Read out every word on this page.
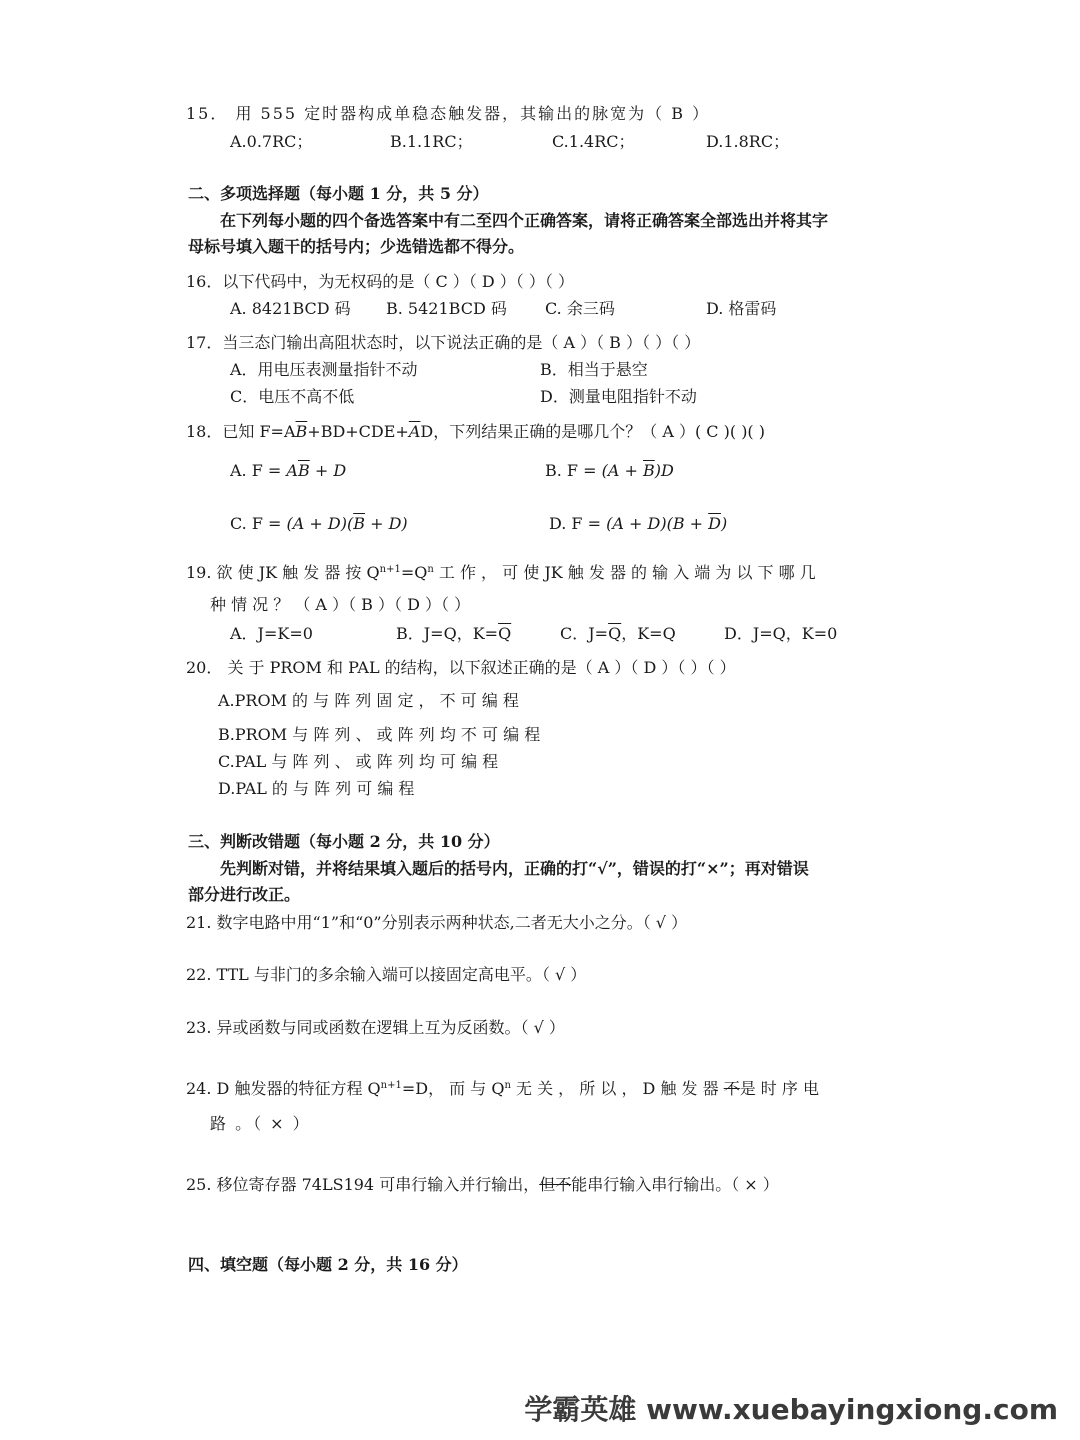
15． 用 555 定时器构成单稳态触发器，其输出的脉宽为（ B ）
A.0.7RC；	B.1.1RC；	C.1.4RC；	D.1.8RC；
二、多项选择题（每小题 1 分，共 5 分）
在下列每小题的四个备选答案中有二至四个正确答案，请将正确答案全部选出并将其字
母标号填入题干的括号内；少选错选都不得分。
16．以下代码中，为无权码的是（ C ）（ D ）（ ）（ ）
A. 8421BCD 码 B. 5421BCD 码 C. 余三码	D. 格雷码
17．当三态门输出高阻状态时，以下说法正确的是（ A ）（ B ）（ ）（ ）
A．用电压表测量指针不动	B．相当于悬空
C．电压不高不低	D．测量电阻指针不动
18．已知 $F=A\overline{B}+BD+CDE+\overline{A}D$，下列结果正确的是哪几个？（ A ）( C )( )( )
A. $F = A\overline{B} + D$	B. $F = (A + \overline{B})D$
C. $F = (A + D)(\overline{B} + D)$	D. $F = (A + D)(B + \overline{D})$
19. 欲 使 JK 触 发 器 按 $Q^{n+1}=Q^n$ 工 作 ， 可 使 JK 触 发 器 的 输 入 端 为 以 下 哪 几
种 情 况 ？ （ A ）（ B ）（ D ）（ ）
A．J=K=0	B．J=Q，$K=\overline{Q}$	C．$J=\overline{Q}$，K=Q	D．J=Q，K=0
20． 关 于 PROM 和 PAL 的结构，以下叙述正确的是（ A ）（ D ）（ ）（ ）
A.PROM 的 与 阵 列 固 定 ， 不 可 编 程
B.PROM 与 阵 列 、 或 阵 列 均 不 可 编 程
C.PAL 与 阵 列 、 或 阵 列 均 可 编 程
D.PAL 的 与 阵 列 可 编 程
三、判断改错题（每小题 2 分，共 10 分）
先判断对错，并将结果填入题后的括号内，正确的打“√”，错误的打“×”；再对错误
部分进行改正。
21. 数字电路中用“1”和“0”分别表示两种状态,二者无大小之分。（ √ ）
22. TTL 与非门的多余输入端可以接固定高电平。（ √ ）
23. 异或函数与同或函数在逻辑上互为反函数。（ √ ）
24. D 触发器的特征方程 $Q^{n+1}=D$， 而 与 $Q^n$ 无 关 ， 所 以 ， D 触 发 器 不是 时 序 电
路 。（ × ）
25. 移位寄存器 74LS194 可串行输入并行输出，但不能串行输入串行输出。（ × ）
四、填空题（每小题 2 分，共 16 分）
学霸英雄 www.xuebayingxiong.com
